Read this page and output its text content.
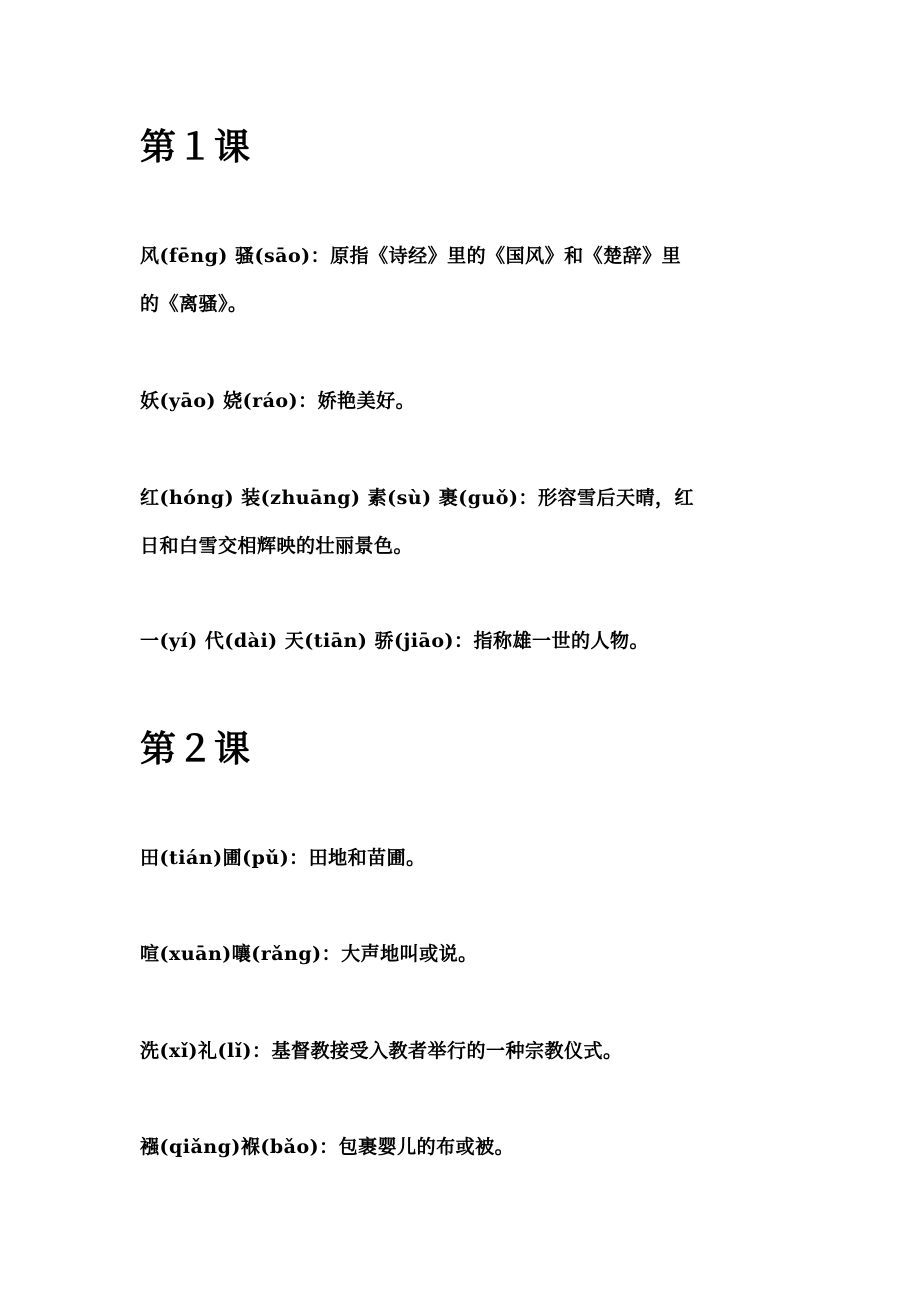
第１课

风(fēng) 骚(sāo)：原指《诗经》里的《国风》和《楚辞》里

的《离骚》。

妖(yāo) 娆(ráo)：娇艳美好。

红(hóng) 装(zhuāng) 素(sù) 裹(guǒ)：形容雪后天晴，红

日和白雪交相辉映的壮丽景色。

一(yí) 代(dài) 天(tiān) 骄(jiāo)：指称雄一世的人物。

第２课

田(tián)圃(pǔ)：田地和苗圃。

喧(xuān)嚷(rǎng)：大声地叫或说。

洗(xǐ)礼(lǐ)：基督教接受入教者举行的一种宗教仪式。

襁(qiǎng)褓(bǎo)：包裹婴儿的布或被。
